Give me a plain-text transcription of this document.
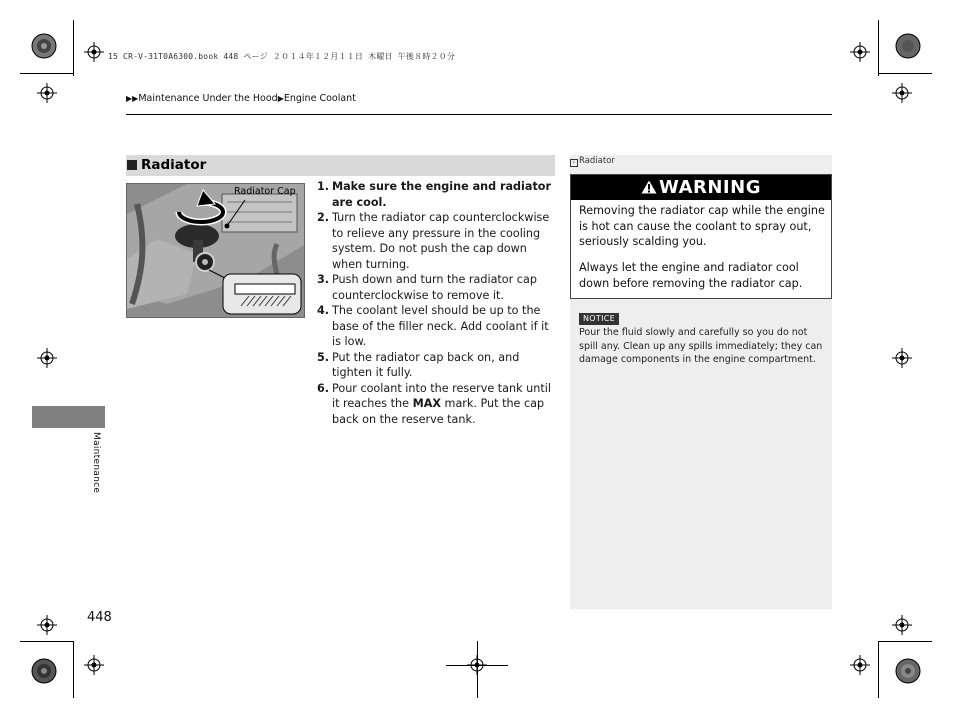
15 CR-V-31T0A6300.book 448 ページ ２０１４年１２月１１日 木曜日 午後８時２０分
▶▶Maintenance Under the Hood▶Engine Coolant
Radiator
Radiator Cap 1. Make sure the engine and radiator are cool.
2. Turn the radiator cap counterclockwise to relieve any pressure in the cooling system. Do not push the cap down when turning.
3. Push down and turn the radiator cap counterclockwise to remove it.
4. The coolant level should be up to the base of the filler neck. Add coolant if it is low.
5. Put the radiator cap back on, and tighten it fully.
6. Pour coolant into the reserve tank until it reaches the MAX mark. Put the cap back on the reserve tank.
› Radiator
WARNING
Removing the radiator cap while the engine is hot can cause the coolant to spray out, seriously scalding you.
Always let the engine and radiator cool down before removing the radiator cap.
NOTICE
Pour the fluid slowly and carefully so you do not spill any. Clean up any spills immediately; they can damage components in the engine compartment.
Maintenance
448
